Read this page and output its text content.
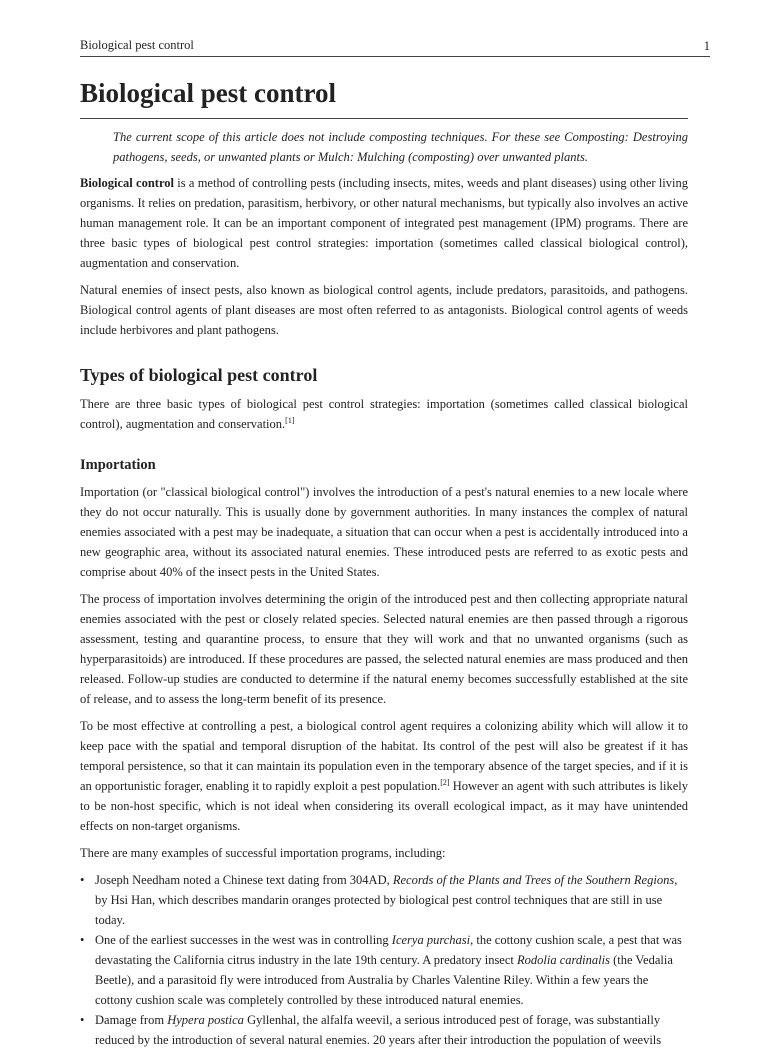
Biological pest control	1
Biological pest control
The current scope of this article does not include composting techniques. For these see Composting: Destroying pathogens, seeds, or unwanted plants or Mulch: Mulching (composting) over unwanted plants.

Biological control is a method of controlling pests (including insects, mites, weeds and plant diseases) using other living organisms. It relies on predation, parasitism, herbivory, or other natural mechanisms, but typically also involves an active human management role. It can be an important component of integrated pest management (IPM) programs. There are three basic types of biological pest control strategies: importation (sometimes called classical biological control), augmentation and conservation.

Natural enemies of insect pests, also known as biological control agents, include predators, parasitoids, and pathogens. Biological control agents of plant diseases are most often referred to as antagonists. Biological control agents of weeds include herbivores and plant pathogens.

Types of biological pest control

There are three basic types of biological pest control strategies: importation (sometimes called classical biological control), augmentation and conservation.[1]

Importation

Importation (or "classical biological control") involves the introduction of a pest's natural enemies to a new locale where they do not occur naturally. This is usually done by government authorities. In many instances the complex of natural enemies associated with a pest may be inadequate, a situation that can occur when a pest is accidentally introduced into a new geographic area, without its associated natural enemies. These introduced pests are referred to as exotic pests and comprise about 40% of the insect pests in the United States.

The process of importation involves determining the origin of the introduced pest and then collecting appropriate natural enemies associated with the pest or closely related species. Selected natural enemies are then passed through a rigorous assessment, testing and quarantine process, to ensure that they will work and that no unwanted organisms (such as hyperparasitoids) are introduced. If these procedures are passed, the selected natural enemies are mass produced and then released. Follow-up studies are conducted to determine if the natural enemy becomes successfully established at the site of release, and to assess the long-term benefit of its presence.

To be most effective at controlling a pest, a biological control agent requires a colonizing ability which will allow it to keep pace with the spatial and temporal disruption of the habitat. Its control of the pest will also be greatest if it has temporal persistence, so that it can maintain its population even in the temporary absence of the target species, and if it is an opportunistic forager, enabling it to rapidly exploit a pest population.[2] However an agent with such attributes is likely to be non-host specific, which is not ideal when considering its overall ecological impact, as it may have unintended effects on non-target organisms.

There are many examples of successful importation programs, including:

• Joseph Needham noted a Chinese text dating from 304AD, Records of the Plants and Trees of the Southern Regions, by Hsi Han, which describes mandarin oranges protected by biological pest control techniques that are still in use today.
• One of the earliest successes in the west was in controlling Icerya purchasi, the cottony cushion scale, a pest that was devastating the California citrus industry in the late 19th century. A predatory insect Rodolia cardinalis (the Vedalia Beetle), and a parasitoid fly were introduced from Australia by Charles Valentine Riley. Within a few years the cottony cushion scale was completely controlled by these introduced natural enemies.
• Damage from Hypera postica Gyllenhal, the alfalfa weevil, a serious introduced pest of forage, was substantially reduced by the introduction of several natural enemies. 20 years after their introduction the population of weevils
